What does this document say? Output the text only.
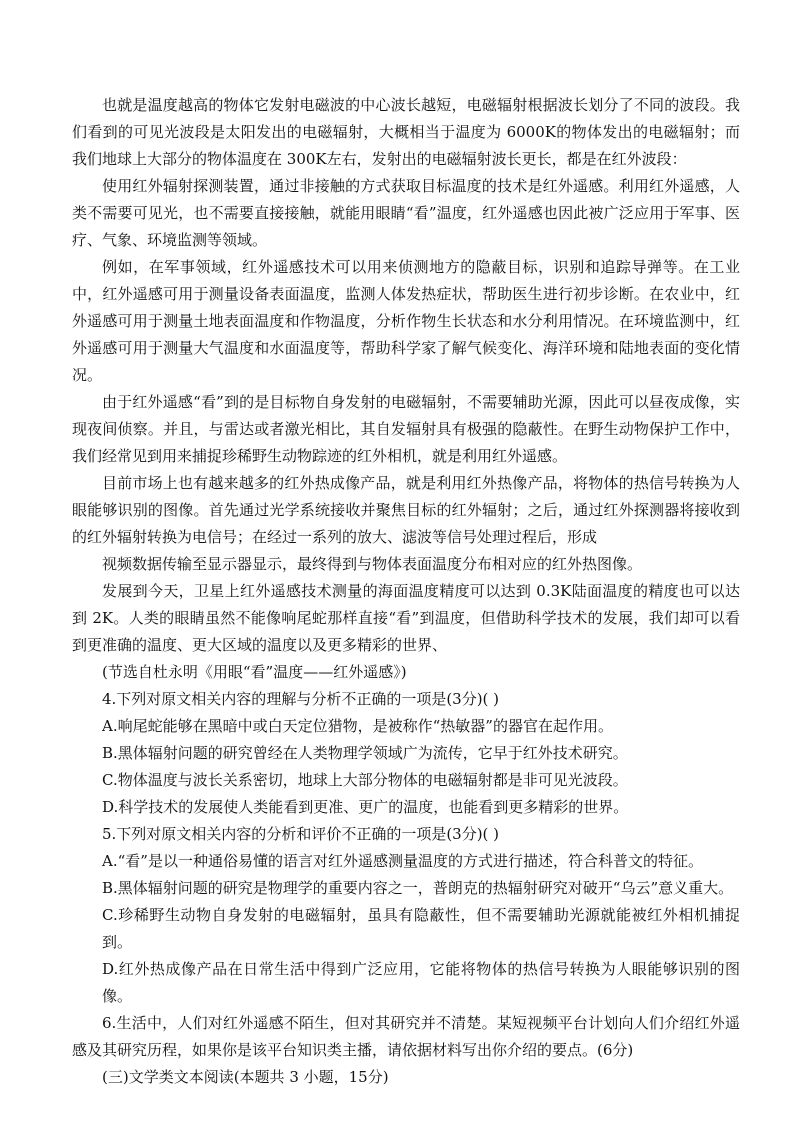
也就是温度越高的物体它发射电磁波的中心波长越短，电磁辐射根据波长划分了不同的波段。我们看到的可见光波段是太阳发出的电磁辐射，大概相当于温度为 6000K的物体发出的电磁辐射；而我们地球上大部分的物体温度在 300K左右，发射出的电磁辐射波长更长，都是在红外波段：

使用红外辐射探测装置，通过非接触的方式获取目标温度的技术是红外遥感。利用红外遥感，人类不需要可见光，也不需要直接接触，就能用眼睛“看”温度，红外遥感也因此被广泛应用于军事、医疗、气象、环境监测等领域。

例如，在军事领域，红外遥感技术可以用来侦测地方的隐蔽目标，识别和追踪导弹等。在工业中，红外遥感可用于测量设备表面温度，监测人体发热症状，帮助医生进行初步诊断。在农业中，红外遥感可用于测量土地表面温度和作物温度，分析作物生长状态和水分利用情况。在环境监测中，红外遥感可用于测量大气温度和水面温度等，帮助科学家了解气候变化、海洋环境和陆地表面的变化情况。

由于红外遥感“看”到的是目标物自身发射的电磁辐射，不需要辅助光源，因此可以昼夜成像，实现夜间侦察。并且，与雷达或者激光相比，其自发辐射具有极强的隐蔽性。在野生动物保护工作中，我们经常见到用来捕捉珍稀野生动物踪迹的红外相机，就是利用红外遥感。

目前市场上也有越来越多的红外热成像产品，就是利用红外热像产品，将物体的热信号转换为人眼能够识别的图像。首先通过光学系统接收并聚焦目标的红外辐射；之后，通过红外探测器将接收到的红外辐射转换为电信号；在经过一系列的放大、滤波等信号处理过程后，形成

视频数据传输至显示器显示，最终得到与物体表面温度分布相对应的红外热图像。

发展到今天，卫星上红外遥感技术测量的海面温度精度可以达到 0.3K陆面温度的精度也可以达到 2K。人类的眼睛虽然不能像响尾蛇那样直接“看”到温度，但借助科学技术的发展，我们却可以看到更准确的温度、更大区域的温度以及更多精彩的世界、

(节选自杜永明《用眼“看”温度——红外遥感》)

4.下列对原文相关内容的理解与分析不正确的一项是(3分)( )

A.响尾蛇能够在黑暗中或白天定位猎物，是被称作“热敏器”的器官在起作用。

B.黑体辐射问题的研究曾经在人类物理学领域广为流传，它早于红外技术研究。

C.物体温度与波长关系密切，地球上大部分物体的电磁辐射都是非可见光波段。

D.科学技术的发展使人类能看到更准、更广的温度，也能看到更多精彩的世界。

5.下列对原文相关内容的分析和评价不正确的一项是(3分)( )

A.“看”是以一种通俗易懂的语言对红外遥感测量温度的方式进行描述，符合科普文的特征。

B.黑体辐射问题的研究是物理学的重要内容之一，普朗克的热辐射研究对破开“乌云”意义重大。

C.珍稀野生动物自身发射的电磁辐射，虽具有隐蔽性，但不需要辅助光源就能被红外相机捕捉到。

D.红外热成像产品在日常生活中得到广泛应用，它能将物体的热信号转换为人眼能够识别的图像。

6.生活中，人们对红外遥感不陌生，但对其研究并不清楚。某短视频平台计划向人们介绍红外遥感及其研究历程，如果你是该平台知识类主播，请依据材料写出你介绍的要点。(6分)

(三)文学类文本阅读(本题共 3 小题，15分)
